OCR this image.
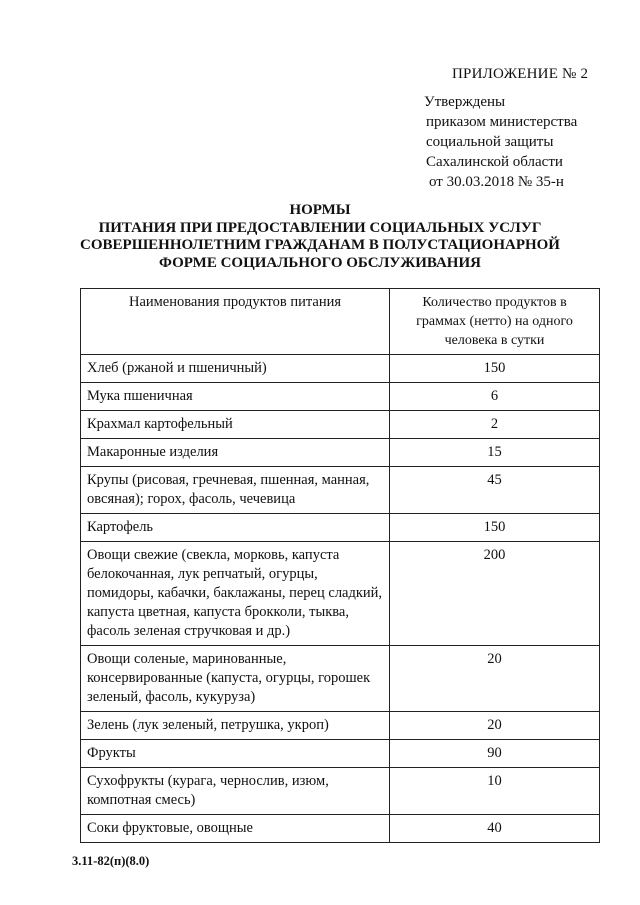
ПРИЛОЖЕНИЕ № 2
Утверждены
приказом министерства
социальной защиты
Сахалинской области
от 30.03.2018 № 35-н
НОРМЫ
ПИТАНИЯ ПРИ ПРЕДОСТАВЛЕНИИ СОЦИАЛЬНЫХ УСЛУГ
СОВЕРШЕННОЛЕТНИМ ГРАЖДАНАМ В ПОЛУСТАЦИОНАРНОЙ
ФОРМЕ СОЦИАЛЬНОГО ОБСЛУЖИВАНИЯ
Наименования продуктов питания	Количество продуктов в граммах (нетто) на одного человека в сутки
Хлеб (ржаной и пшеничный)	150
Мука пшеничная	6
Крахмал картофельный	2
Макаронные изделия	15
Крупы (рисовая, гречневая, пшенная, манная, овсяная); горох, фасоль, чечевица	45
Картофель	150
Овощи свежие (свекла, морковь, капуста белокочанная, лук репчатый, огурцы, помидоры, кабачки, баклажаны, перец сладкий, капуста цветная, капуста брокколи, тыква, фасоль зеленая стручковая и др.)	200
Овощи соленые, маринованные, консервированные (капуста, огурцы, горошек зеленый, фасоль, кукуруза)	20
Зелень (лук зеленый, петрушка, укроп)	20
Фрукты	90
Сухофрукты (курага, чернослив, изюм, компотная смесь)	10
Соки фруктовые, овощные	40
3.11-82(п)(8.0)
